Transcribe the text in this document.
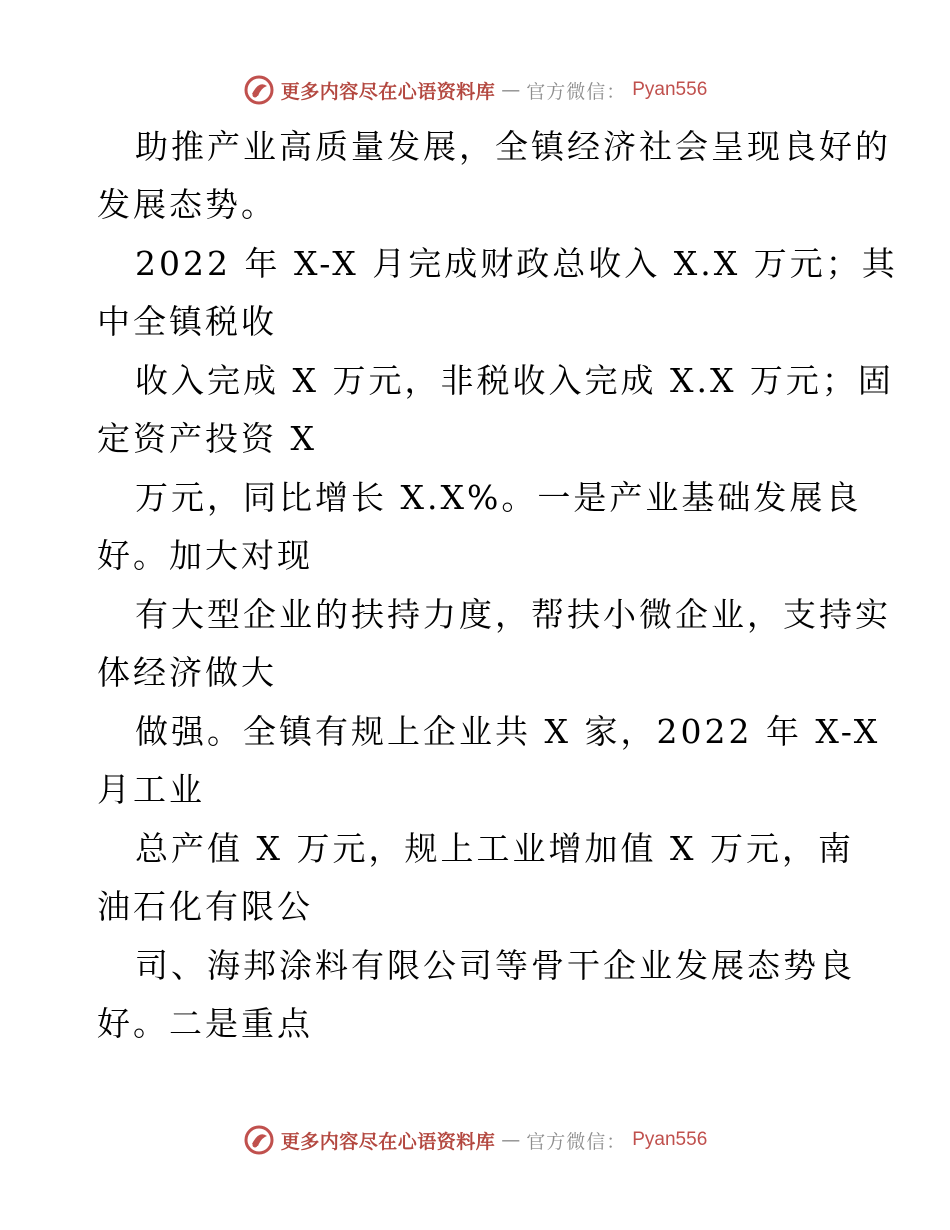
更多内容尽在心语资料库 — 官方微信： Pyan556
助推产业高质量发展，全镇经济社会呈现良好的
发展态势。
2022 年 X-X 月完成财政总收入 X.X 万元；其
中全镇税收
收入完成 X 万元，非税收入完成 X.X 万元；固
定资产投资 X
万元，同比增长 X.X%。一是产业基础发展良
好。加大对现
有大型企业的扶持力度，帮扶小微企业，支持实
体经济做大
做强。全镇有规上企业共 X 家，2022 年 X-X
月工业
总产值 X 万元，规上工业增加值 X 万元，南
油石化有限公
司、海邦涂料有限公司等骨干企业发展态势良
好。二是重点
更多内容尽在心语资料库 — 官方微信： Pyan556
